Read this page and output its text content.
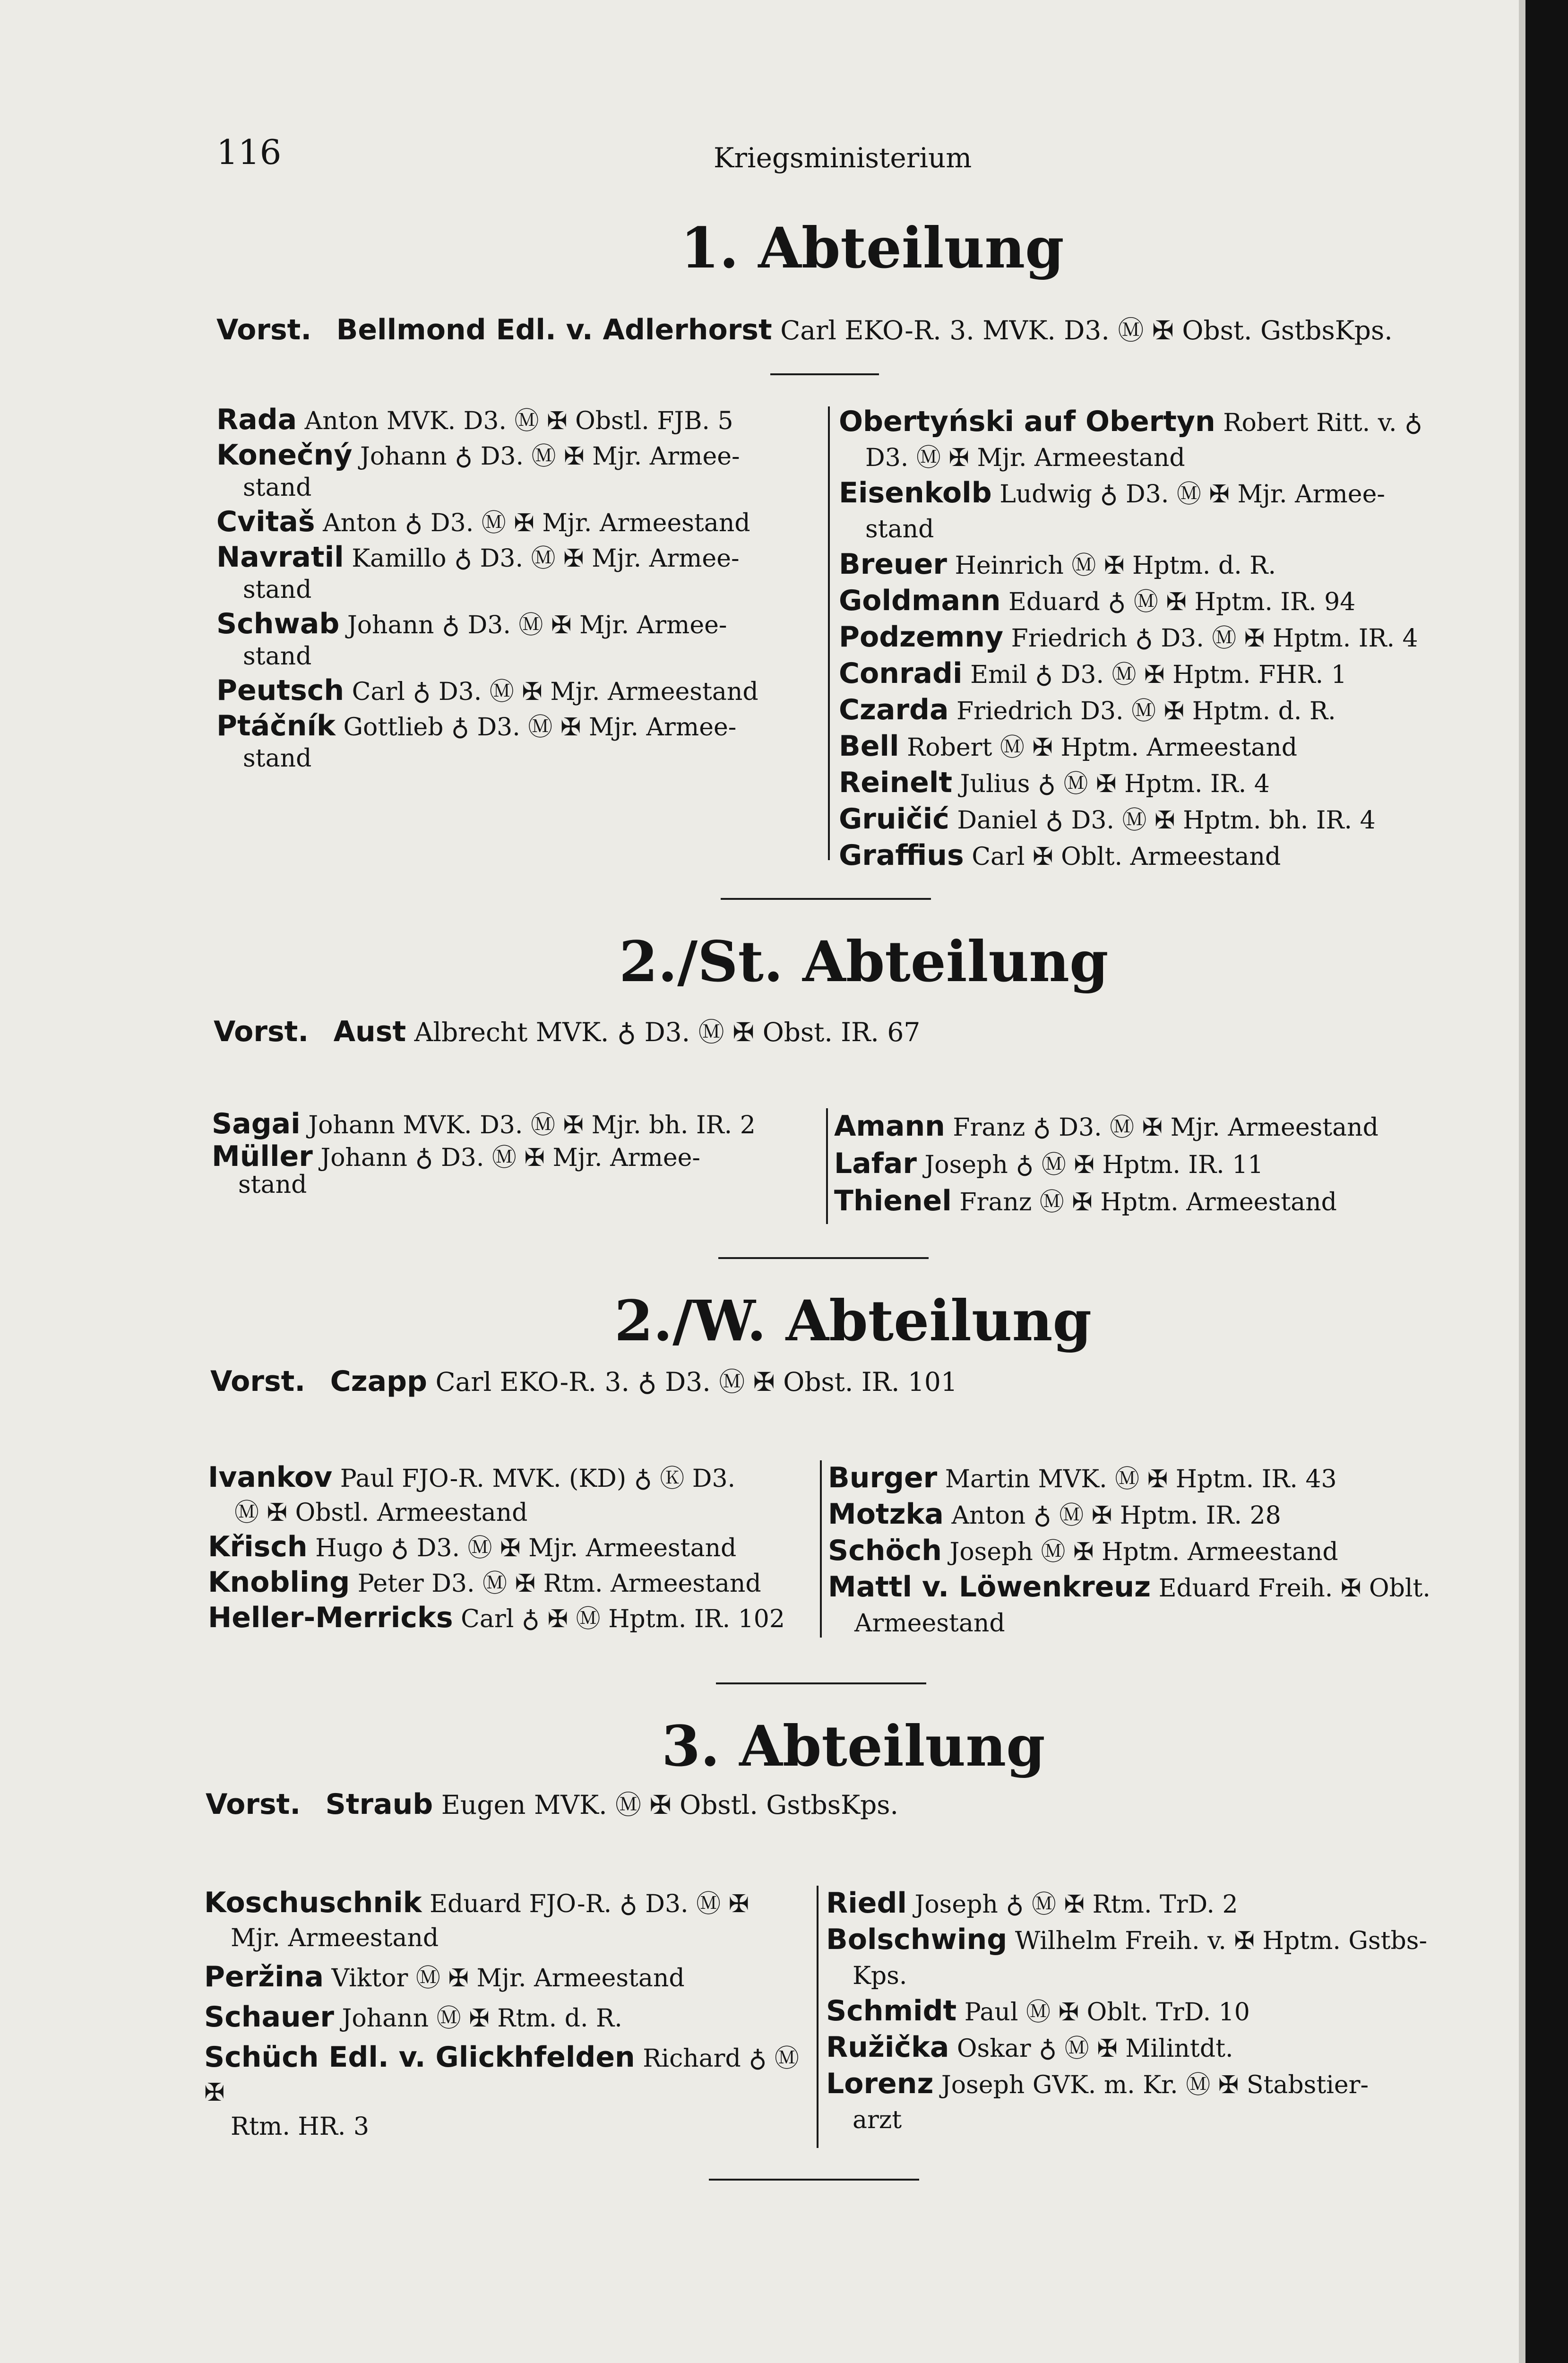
116	Kriegsministerium
1. Abteilung
Vorst. Bellmond Edl. v. Adlerhorst Carl EKO-R. 3. MVK. D3. Ⓜ ✠ Obst. GstbsKps.
Rada Anton MVK. D3. Ⓜ ✠ Obstl. FJB. 5
Konečný Johann ♁ D3. Ⓜ ✠ Mjr. Armee-
stand
Cvitaš Anton ♁ D3. Ⓜ ✠ Mjr. Armeestand
Navratil Kamillo ♁ D3. Ⓜ ✠ Mjr. Armee-
stand
Schwab Johann ♁ D3. Ⓜ ✠ Mjr. Armee-
stand
Peutsch Carl ♁ D3. Ⓜ ✠ Mjr. Armeestand
Ptáčník Gottlieb ♁ D3. Ⓜ ✠ Mjr. Armee-
stand
Obertyński auf Obertyn Robert Ritt. v. ♁
D3. Ⓜ ✠ Mjr. Armeestand
Eisenkolb Ludwig ♁ D3. Ⓜ ✠ Mjr. Armee-
stand
Breuer Heinrich Ⓜ ✠ Hptm. d. R.
Goldmann Eduard ♁ Ⓜ ✠ Hptm. IR. 94
Podzemny Friedrich ♁ D3. Ⓜ ✠ Hptm. IR. 4
Conradi Emil ♁ D3. Ⓜ ✠ Hptm. FHR. 1
Czarda Friedrich D3. Ⓜ ✠ Hptm. d. R.
Bell Robert Ⓜ ✠ Hptm. Armeestand
Reinelt Julius ♁ Ⓜ ✠ Hptm. IR. 4
Gruičić Daniel ♁ D3. Ⓜ ✠ Hptm. bh. IR. 4
Graffius Carl ✠ Oblt. Armeestand
2./St. Abteilung
Vorst. Aust Albrecht MVK. ♁ D3. Ⓜ ✠ Obst. IR. 67
Sagai Johann MVK. D3. Ⓜ ✠ Mjr. bh. IR. 2
Müller Johann ♁ D3. Ⓜ ✠ Mjr. Armee-
stand
Amann Franz ♁ D3. Ⓜ ✠ Mjr. Armeestand
Lafar Joseph ♁ Ⓜ ✠ Hptm. IR. 11
Thienel Franz Ⓜ ✠ Hptm. Armeestand
2./W. Abteilung
Vorst. Czapp Carl EKO-R. 3. ♁ D3. Ⓜ ✠ Obst. IR. 101
Ivankov Paul FJO-R. MVK. (KD) ♁ Ⓚ D3.
Ⓜ ✠ Obstl. Armeestand
Křisch Hugo ♁ D3. Ⓜ ✠ Mjr. Armeestand
Knobling Peter D3. Ⓜ ✠ Rtm. Armeestand
Heller-Merricks Carl ♁ ✠ Ⓜ Hptm. IR. 102
Burger Martin MVK. Ⓜ ✠ Hptm. IR. 43
Motzka Anton ♁ Ⓜ ✠ Hptm. IR. 28
Schöch Joseph Ⓜ ✠ Hptm. Armeestand
Mattl v. Löwenkreuz Eduard Freih. ✠ Oblt.
Armeestand
3. Abteilung
Vorst. Straub Eugen MVK. Ⓜ ✠ Obstl. GstbsKps.
Koschuschnik Eduard FJO-R. ♁ D3. Ⓜ ✠
Mjr. Armeestand
Peržina Viktor Ⓜ ✠ Mjr. Armeestand
Schauer Johann Ⓜ ✠ Rtm. d. R.
Schüch Edl. v. Glickhfelden Richard ♁ Ⓜ ✠
Rtm. HR. 3
Riedl Joseph ♁ Ⓜ ✠ Rtm. TrD. 2
Bolschwing Wilhelm Freih. v. ✠ Hptm. Gstbs-
Kps.
Schmidt Paul Ⓜ ✠ Oblt. TrD. 10
Ružička Oskar ♁ Ⓜ ✠ Milintdt.
Lorenz Joseph GVK. m. Kr. Ⓜ ✠ Stabstier-
arzt
